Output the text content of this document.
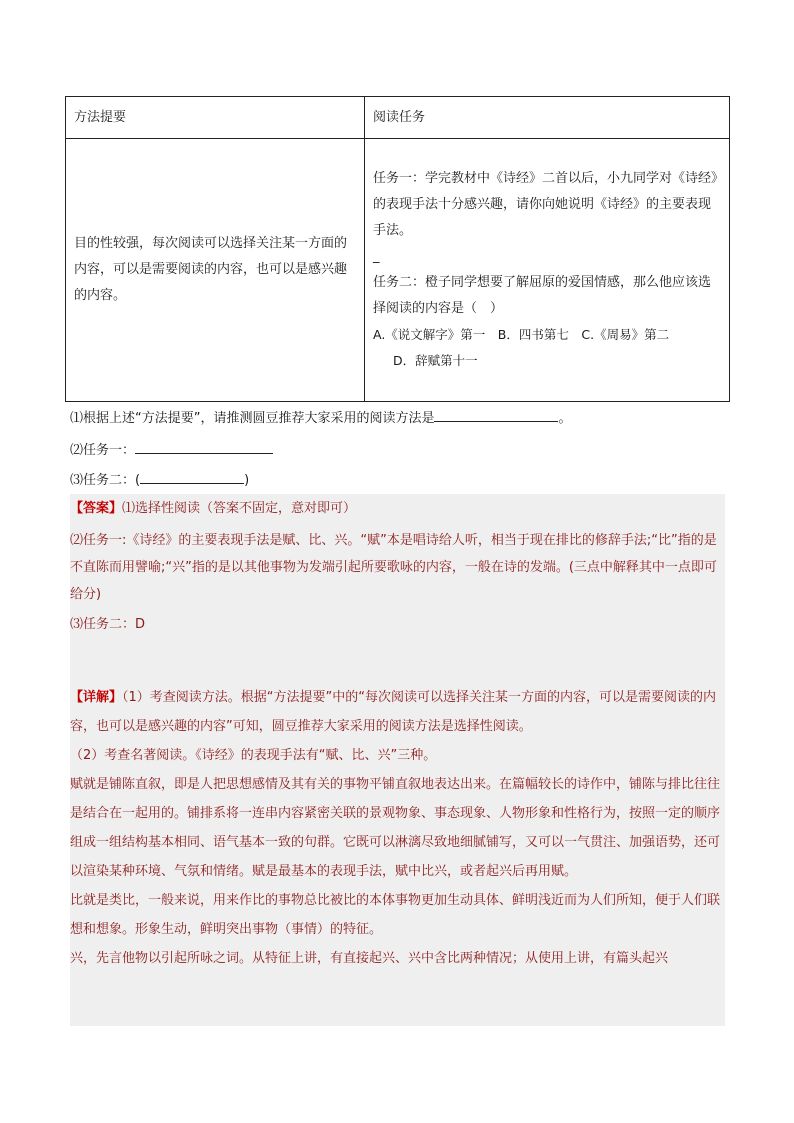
方法提要	阅读任务
目的性较强，每次阅读可以选择关注某一方面的内容，可以是需要阅读的内容，也可以是感兴趣的内容。	任务一：学完教材中《诗经》二首以后，小九同学对《诗经》的表现手法十分感兴趣，请你向她说明《诗经》的主要表现手法。
_
任务二：橙子同学想要了解屈原的爱国情感，那么他应该选择阅读的内容是（　）
A.《说文解字》第一　B．四书第七　C.《周易》第二
D．辞赋第十一
⑴根据上述“方法提要”，请推测圆豆推荐大家采用的阅读方法是	。
⑵任务一：
⑶任务二：(	)
【答案】⑴选择性阅读（答案不固定，意对即可）
⑵任务一:《诗经》的主要表现手法是赋、比、兴。“赋”本是唱诗给人听，相当于现在排比的修辞手法;“比”指的是不直陈而用譬喻;“兴”指的是以其他事物为发端引起所要歌咏的内容，一般在诗的发端。(三点中解释其中一点即可给分)
⑶任务二：D

【详解】（1）考查阅读方法。根据“方法提要”中的“每次阅读可以选择关注某一方面的内容，可以是需要阅读的内容，也可以是感兴趣的内容”可知，圆豆推荐大家采用的阅读方法是选择性阅读。

（2）考查名著阅读。《诗经》的表现手法有“赋、比、兴”三种。

赋就是铺陈直叙，即是人把思想感情及其有关的事物平铺直叙地表达出来。在篇幅较长的诗作中，铺陈与排比往往是结合在一起用的。铺排系将一连串内容紧密关联的景观物象、事态现象、人物形象和性格行为，按照一定的顺序组成一组结构基本相同、语气基本一致的句群。它既可以淋漓尽致地细腻铺写，又可以一气贯注、加强语势，还可以渲染某种环境、气氛和情绪。赋是最基本的表现手法，赋中比兴，或者起兴后再用赋。

比就是类比，一般来说，用来作比的事物总比被比的本体事物更加生动具体、鲜明浅近而为人们所知，便于人们联想和想象。形象生动，鲜明突出事物（事情）的特征。

兴，先言他物以引起所咏之词。从特征上讲，有直接起兴、兴中含比两种情况；从使用上讲，有篇头起兴
